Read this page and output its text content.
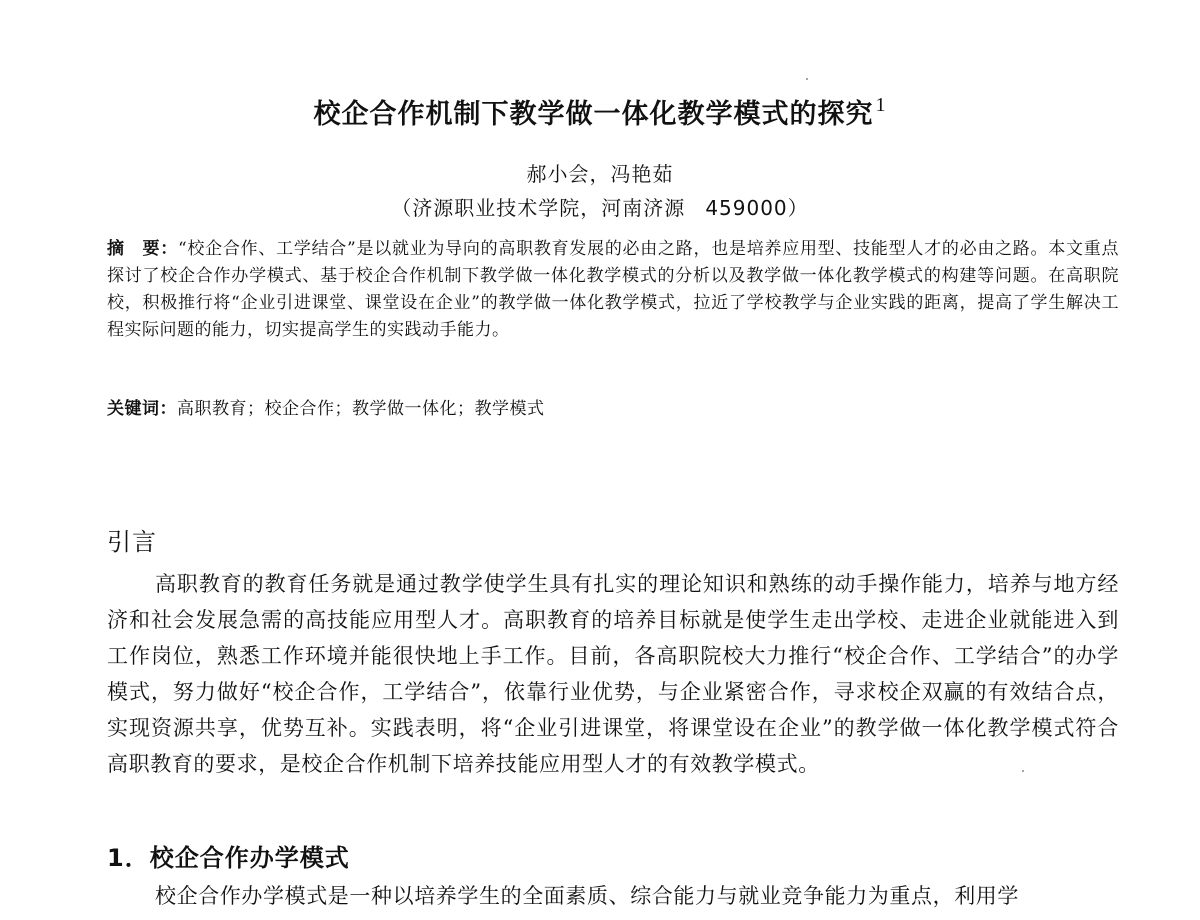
校企合作机制下教学做一体化教学模式的探究 $^1$
郝小会，冯艳茹
（济源职业技术学院，河南济源 459000）
摘　要：“校企合作、工学结合”是以就业为导向的高职教育发展的必由之路，也是培养应用型、技能型人才的必由之路。本文重点探讨了校企合作办学模式、基于校企合作机制下教学做一体化教学模式的分析以及教学做一体化教学模式的构建等问题。在高职院校，积极推行将“企业引进课堂、课堂设在企业”的教学做一体化教学模式，拉近了学校教学与企业实践的距离，提高了学生解决工程实际问题的能力，切实提高学生的实践动手能力。
关键词：高职教育；校企合作；教学做一体化；教学模式
引言
高职教育的教育任务就是通过教学使学生具有扎实的理论知识和熟练的动手操作能力，培养与地方经济和社会发展急需的高技能应用型人才。高职教育的培养目标就是使学生走出学校、走进企业就能进入到工作岗位，熟悉工作环境并能很快地上手工作。目前，各高职院校大力推行“校企合作、工学结合”的办学模式，努力做好“校企合作，工学结合”，依靠行业优势，与企业紧密合作，寻求校企双赢的有效结合点，实现资源共享，优势互补。实践表明，将“企业引进课堂，将课堂设在企业”的教学做一体化教学模式符合高职教育的要求，是校企合作机制下培养技能应用型人才的有效教学模式。
1．校企合作办学模式
校企合作办学模式是一种以培养学生的全面素质、综合能力与就业竞争能力为重点，利用学
